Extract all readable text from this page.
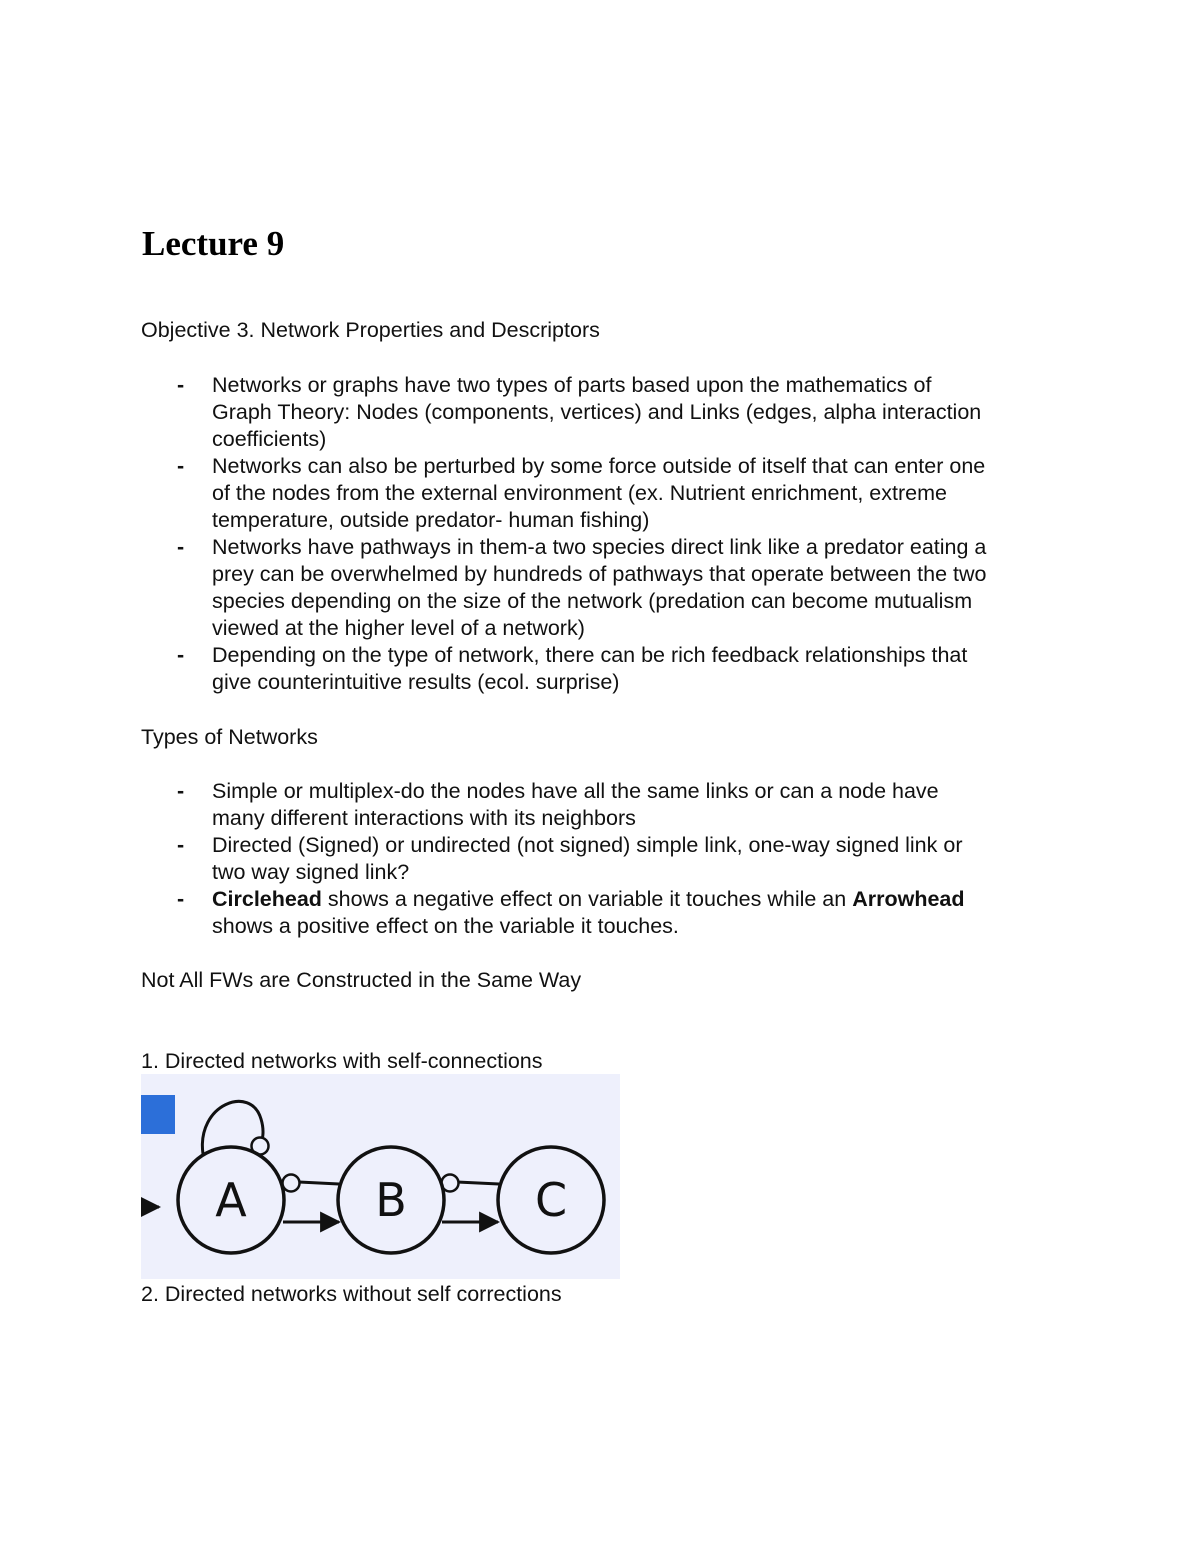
Lecture 9

Objective 3. Network Properties and Descriptors

- Networks or graphs have two types of parts based upon the mathematics of
Graph Theory: Nodes (components, vertices) and Links (edges, alpha interaction
coefficients)
- Networks can also be perturbed by some force outside of itself that can enter one
of the nodes from the external environment (ex. Nutrient enrichment, extreme
temperature, outside predator- human fishing)
- Networks have pathways in them-a two species direct link like a predator eating a
prey can be overwhelmed by hundreds of pathways that operate between the two
species depending on the size of the network (predation can become mutualism
viewed at the higher level of a network)
- Depending on the type of network, there can be rich feedback relationships that
give counterintuitive results (ecol. surprise)

Types of Networks

- Simple or multiplex-do the nodes have all the same links or can a node have
many different interactions with its neighbors
- Directed (Signed) or undirected (not signed) simple link, one-way signed link or
two way signed link?
- Circlehead shows a negative effect on variable it touches while an Arrowhead
shows a positive effect on the variable it touches.

Not All FWs are Constructed in the Same Way

1. Directed networks with self-connections

A	B	C

2. Directed networks without self corrections
